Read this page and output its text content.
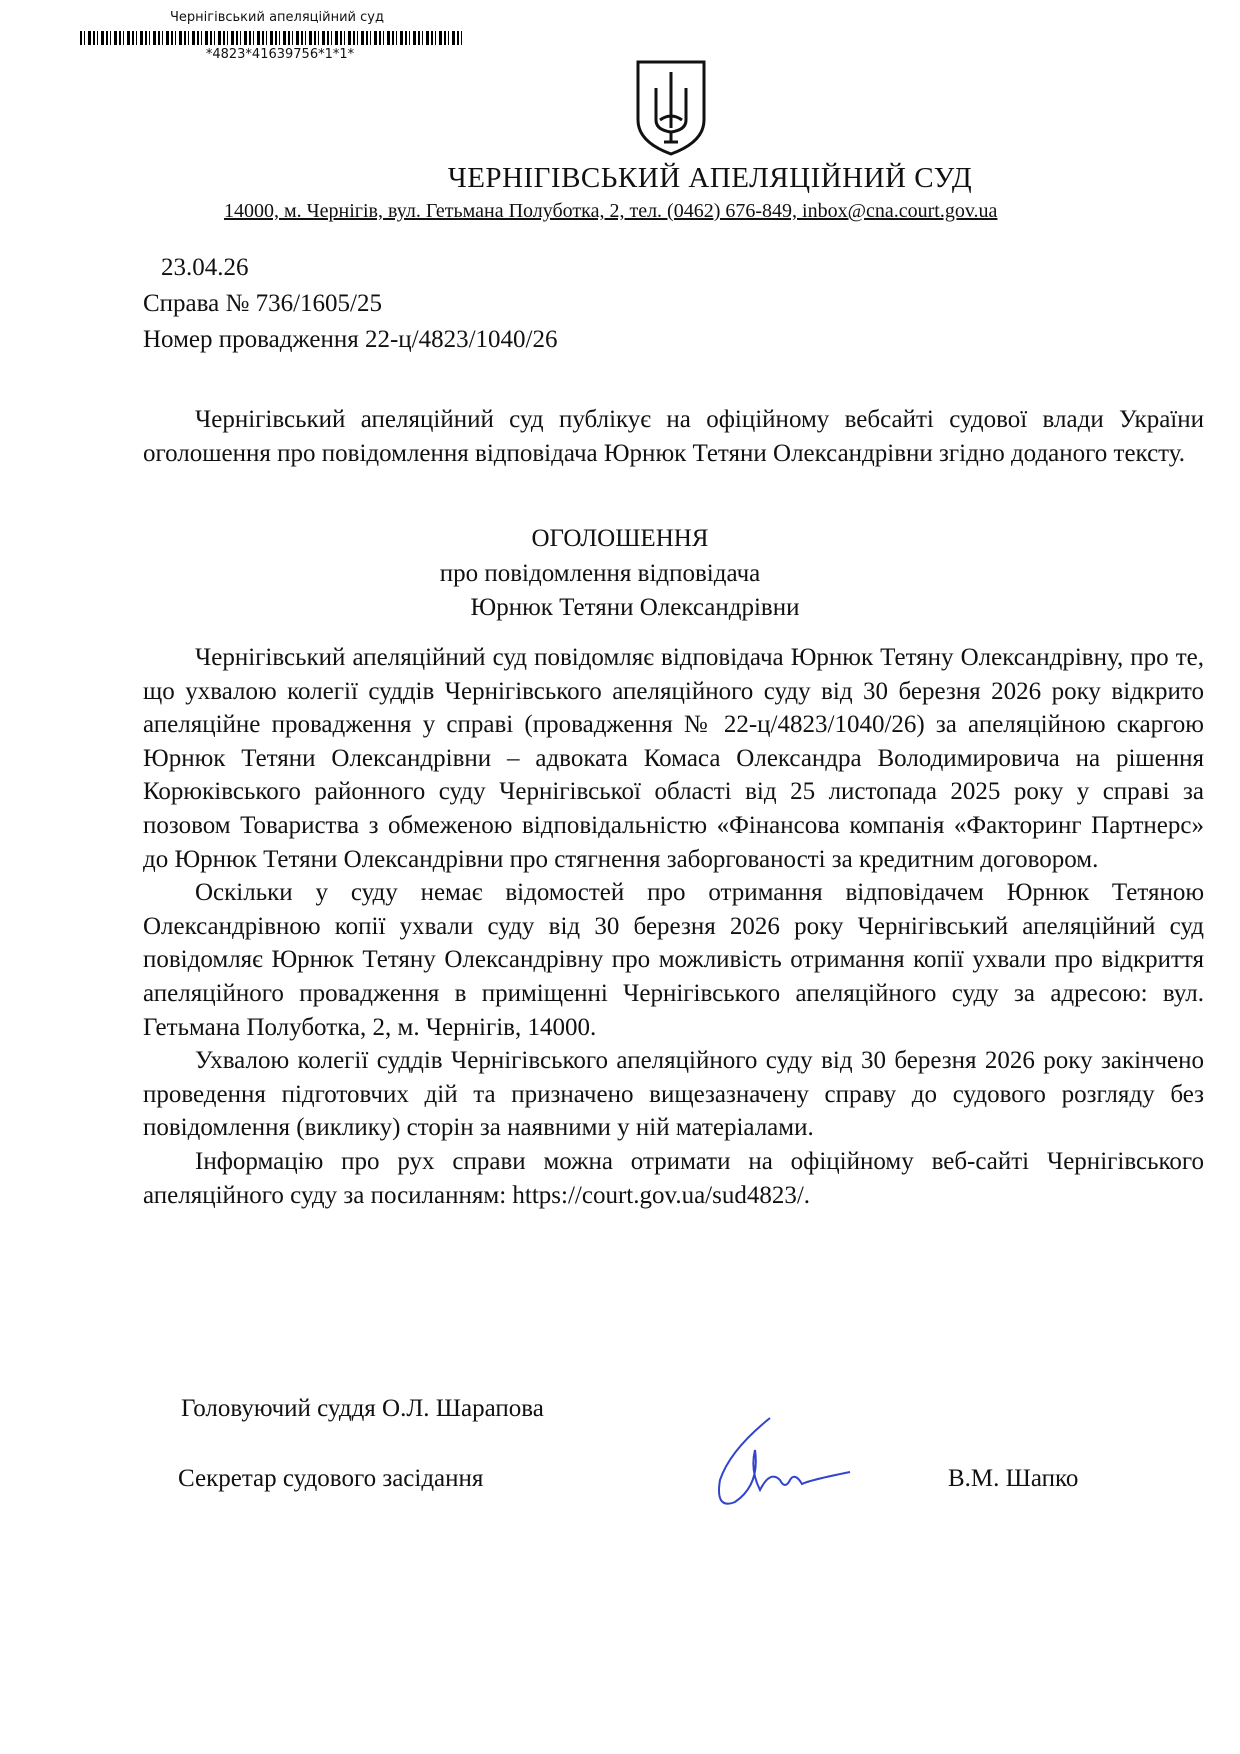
Чернігівський апеляційний суд
*4823*41639756*1*1*
ЧЕРНІГІВСЬКИЙ АПЕЛЯЦІЙНИЙ СУД
14000, м. Чернігів, вул. Гетьмана Полуботка, 2, тел. (0462) 676-849, inbox@cna.court.gov.ua
23.04.26
Справа № 736/1605/25
Номер провадження 22-ц/4823/1040/26

Чернігівський апеляційний суд публікує на офіційному вебсайті судової влади України оголошення про повідомлення відповідача Юрнюк Тетяни Олександрівни згідно доданого тексту.

ОГОЛОШЕННЯ
про повідомлення відповідача
Юрнюк Тетяни Олександрівни

Чернігівський апеляційний суд повідомляє відповідача Юрнюк Тетяну Олександрівну, про те, що ухвалою колегії суддів Чернігівського апеляційного суду від 30 березня 2026 року відкрито апеляційне провадження у справі (провадження № 22-ц/4823/1040/26) за апеляційною скаргою Юрнюк Тетяни Олександрівни – адвоката Комаса Олександра Володимировича на рішення Корюківського районного суду Чернігівської області від 25 листопада 2025 року у справі за позовом Товариства з обмеженою відповідальністю «Фінансова компанія «Факторинг Партнерс» до Юрнюк Тетяни Олександрівни про стягнення заборгованості за кредитним договором.

Оскільки у суду немає відомостей про отримання відповідачем Юрнюк Тетяною Олександрівною копії ухвали суду від 30 березня 2026 року Чернігівський апеляційний суд повідомляє Юрнюк Тетяну Олександрівну про можливість отримання копії ухвали про відкриття апеляційного провадження в приміщенні Чернігівського апеляційного суду за адресою: вул. Гетьмана Полуботка, 2, м. Чернігів, 14000.

Ухвалою колегії суддів Чернігівського апеляційного суду від 30 березня 2026 року закінчено проведення підготовчих дій та призначено вищезазначену справу до судового розгляду без повідомлення (виклику) сторін за наявними у ній матеріалами.

Інформацію про рух справи можна отримати на офіційному веб-сайті Чернігівського апеляційного суду за посиланням: https://court.gov.ua/sud4823/.

Головуючий суддя О.Л. Шарапова
Секретар судового засідання	В.М. Шапко
